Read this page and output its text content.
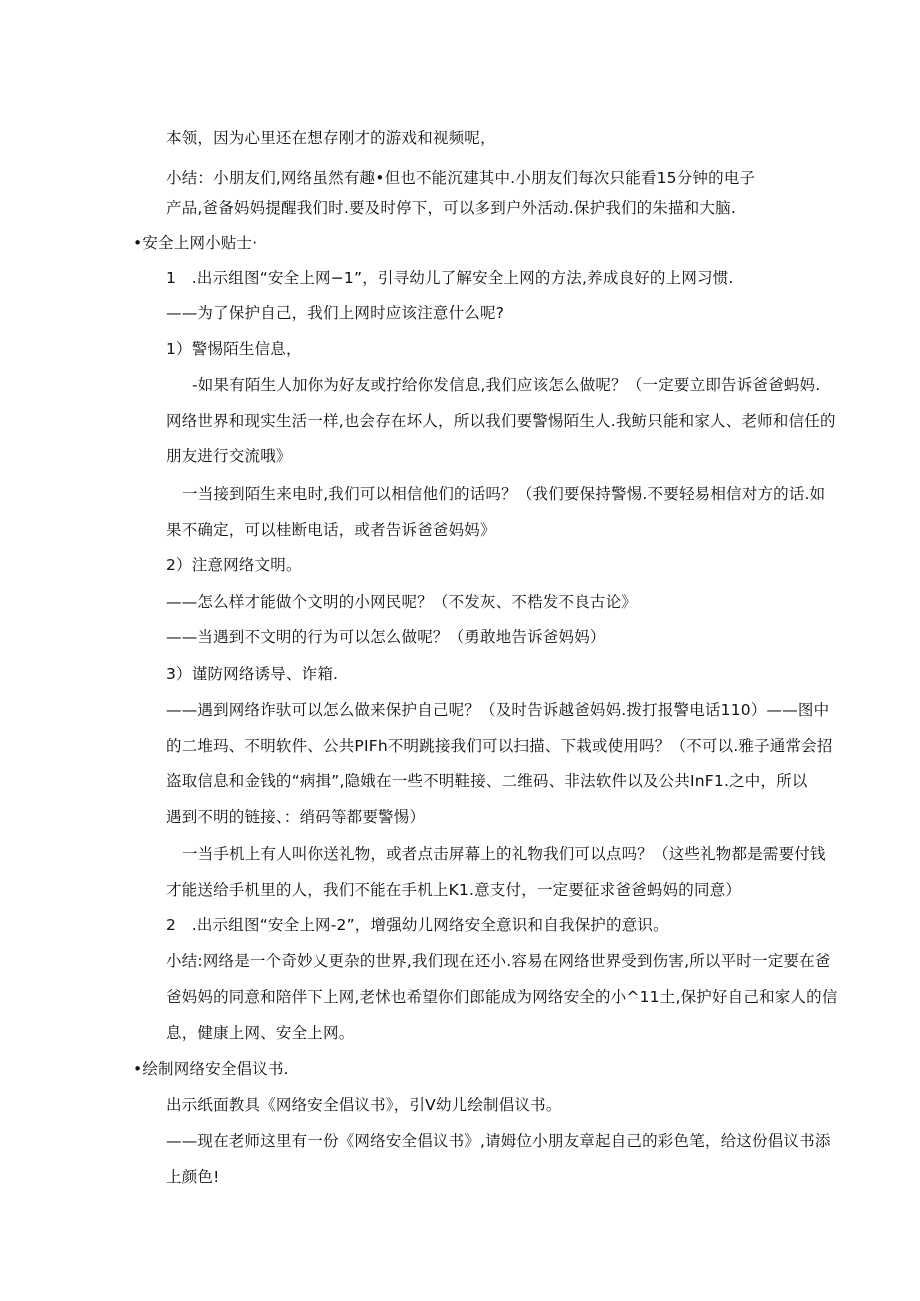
本领，因为心里还在想存刚才的游戏和视频呢，
小结：小朋友们,网络虽然有趣•但也不能沉建其中.小朋友们每次只能看15分钟的电子
产品,爸备妈妈提醒我们时.要及时停下，可以多到户外活动.保护我们的朱描和大脑.
•安全上网小贴士·
1　.出示组图“安全上网−1”，引寻幼儿了解安全上网的方法,养成良好的上网习惯.
——为了保护自己，我们上网时应该注意什么呢?
1）警惕陌生信息，
-如果有陌生人加你为好友或拧给你发信息,我们应该怎么做呢？（一定要立即告诉爸爸蚂妈.
网络世界和现实生活一样,也会存在坏人，所以我们要警惕陌生人.我鲂只能和家人、老师和信任的
朋友进行交流哦》
一当接到陌生来电时,我们可以相信他们的话吗？（我们要保持警惕.不要轻易相信对方的话.如
果不确定，可以桂断电话，或者告诉爸爸妈妈》
2）注意网络文明。
——怎么样才能做个文明的小网民呢？（不发灰、不梏发不良古论》
——当遇到不文明的行为可以怎么做呢？（勇敢地告诉爸妈妈）
3）谨防网络诱导、诈箱.
——遇到网络诈驮可以怎么做来保护自己呢？（及时告诉越爸妈妈.拨打报警电话110）——图中
的二堆玛、不明软件、公共PIFh不明跳接我们可以扫描、下栽或使用吗？（不可以.雅子通常会招
盗取信息和金钱的“病揖”,隐娥在一些不明鞋接、二维码、非法软件以及公共InF1.之中，所以
遇到不明的链接、：绡码等都要警惕）
一当手机上有人叫你送礼物，或者点击屏幕上的礼物我们可以点吗？（这些礼物都是需要付钱
才能送给手机里的人，我们不能在手机上K1.意支付，一定要征求爸爸蚂妈的同意）
2　.出示组图“安全上网-2”，增强幼儿网络安全意识和自我保护的意识。
小结:网络是一个奇妙乂更杂的世界,我们现在还小.容易在网络世界受到伤害,所以平时一定要在爸
爸妈妈的同意和陪伴下上网,老怵也希望你们郎能成为网络安全的小^11土,保护好自己和家人的信
息，健康上网、安全上网。
•绘制网络安全倡议书.
出示纸面教具《网络安全倡议书》，引V幼儿绘制倡议书。
——现在老师这里有一份《网络安全倡议书》,请姆位小朋友章起自己的彩色笔，给这份倡议书添
上颜色!
